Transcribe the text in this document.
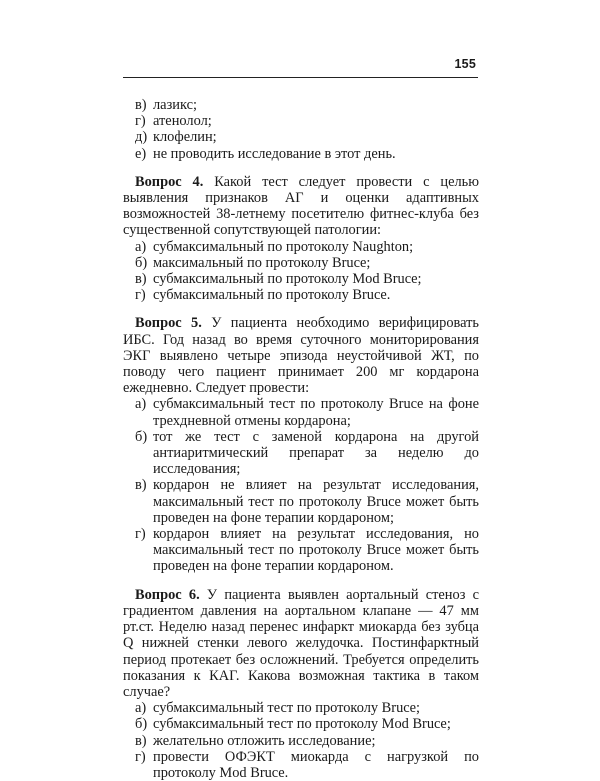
155
в) лазикс;
г) атенолол;
д) клофелин;
е) не проводить исследование в этот день.
Вопрос 4. Какой тест следует провести с целью выявления признаков АГ и оценки адаптивных возможностей 38-летнему посетителю фитнес-клуба без существенной сопутствующей патологии:
а) субмаксимальный по протоколу Naughton;
б) максимальный по протоколу Bruce;
в) субмаксимальный по протоколу Mod Bruce;
г) субмаксимальный по протоколу Bruce.
Вопрос 5. У пациента необходимо верифицировать ИБС. Год назад во время суточного мониторирования ЭКГ выявлено четыре эпизода неустойчивой ЖТ, по поводу чего пациент принимает 200 мг кордарона ежедневно. Следует провести:
а) субмаксимальный тест по протоколу Bruce на фоне трехдневной отмены кордарона;
б) тот же тест с заменой кордарона на другой антиаритмический препарат за неделю до исследования;
в) кордарон не влияет на результат исследования, максимальный тест по протоколу Bruce может быть проведен на фоне терапии кордароном;
г) кордарон влияет на результат исследования, но максимальный тест по протоколу Bruce может быть проведен на фоне терапии кордароном.
Вопрос 6. У пациента выявлен аортальный стеноз с градиентом давления на аортальном клапане — 47 мм рт.ст. Неделю назад перенес инфаркт миокарда без зубца Q нижней стенки левого желудочка. Постинфарктный период протекает без осложнений. Требуется определить показания к КАГ. Какова возможная тактика в таком случае?
а) субмаксимальный тест по протоколу Bruce;
б) субмаксимальный тест по протоколу Mod Bruce;
в) желательно отложить исследование;
г) провести ОФЭКТ миокарда с нагрузкой по протоколу Mod Bruce.
